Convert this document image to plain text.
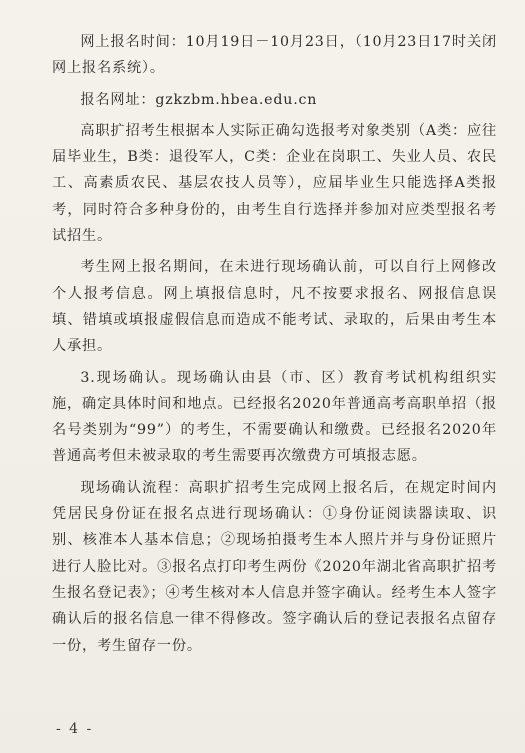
网上报名时间：10月19日－10月23日，（10月23日17时关闭网上报名系统）。

报名网址：gzkzbm.hbea.edu.cn

高职扩招考生根据本人实际正确勾选报考对象类别（A类：应往届毕业生，B类：退役军人，C类：企业在岗职工、失业人员、农民工、高素质农民、基层农技人员等），应届毕业生只能选择A类报考，同时符合多种身份的，由考生自行选择并参加对应类型报名考试招生。

考生网上报名期间，在未进行现场确认前，可以自行上网修改个人报考信息。网上填报信息时，凡不按要求报名、网报信息误填、错填或填报虚假信息而造成不能考试、录取的，后果由考生本人承担。

3.现场确认。现场确认由县（市、区）教育考试机构组织实施，确定具体时间和地点。已经报名2020年普通高考高职单招（报名号类别为“99”）的考生，不需要确认和缴费。已经报名2020年普通高考但未被录取的考生需要再次缴费方可填报志愿。

现场确认流程：高职扩招考生完成网上报名后，在规定时间内凭居民身份证在报名点进行现场确认：①身份证阅读器读取、识别、核准本人基本信息；②现场拍摄考生本人照片并与身份证照片进行人脸比对。③报名点打印考生两份《2020年湖北省高职扩招考生报名登记表》；④考生核对本人信息并签字确认。经考生本人签字确认后的报名信息一律不得修改。签字确认后的登记表报名点留存一份，考生留存一份。

- 4 -
